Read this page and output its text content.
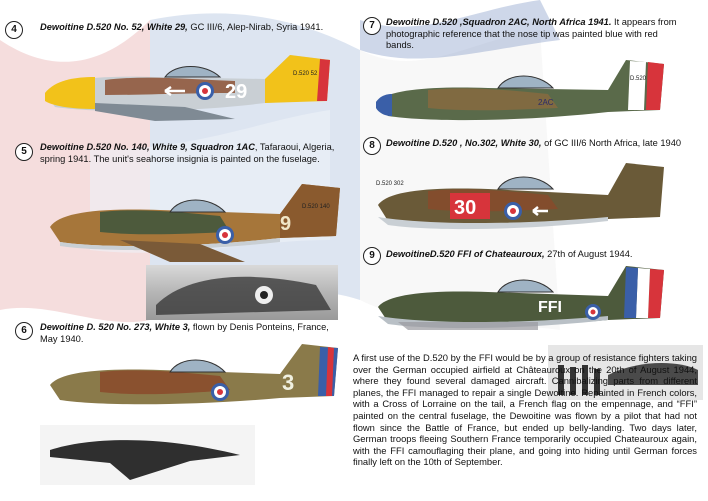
4	Dewoitine D.520 No. 52, White 29, GC III/6, Alep-Nirab, Syria 1941.
29
D.520 52
5	Dewoitine D.520 No. 140, White 9, Squadron 1AC, Tafaraoui, Algeria, spring 1941. The unit's seahorse insignia is painted on the fuselage.
9
D.520 140
6	Dewoitine D. 520 No. 273, White 3, flown by Denis Ponteins, France, May 1940.
3
7	Dewoitine D.520 ,Squadron 2AC, North Africa 1941. It appears from photographic reference that the nose tip was painted blue with red bands.
2AC
D.520
8	Dewoitine D.520 , No.302, White 30, of GC III/6 North Africa, late 1940
30
D.520 302
9	DewoitineD.520 FFI of Chateauroux, 27th of August 1944.
FFI
A first use of the D.520 by the FFI would be by a group of resistance fighters taking over the German occupied airfield at Châteauroux on the 20th of August 1944, where they found several damaged aircraft. Cannibalizing parts from different planes, the FFI managed to repair a single Dewoitine. Repainted in French colors, with a Cross of Lorraine on the tail, a French flag on the empennage, and “FFI” painted on the central fuselage, the Dewoitine was flown by a pilot that had not flown since the Battle of France, but ended up belly-landing. Two days later, German troops fleeing Southern France temporarily occupied Chateauroux again, with the FFI camouflaging their plane, and going into hiding until German forces finally left on the 10th of September.
